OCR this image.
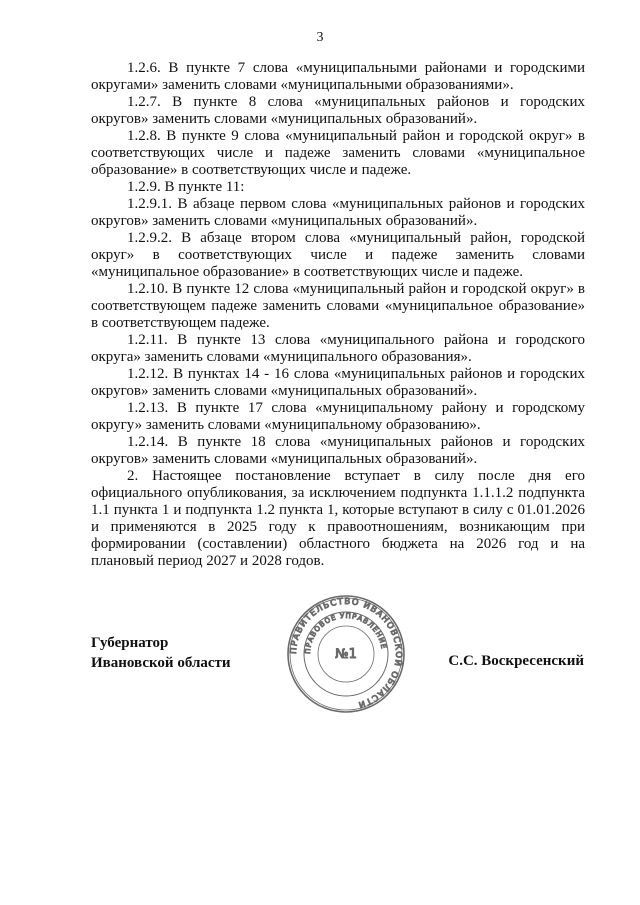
3

1.2.6. В пункте 7 слова «муниципальными районами и городскими округами» заменить словами «муниципальными образованиями».

1.2.7. В пункте 8 слова «муниципальных районов и городских округов» заменить словами «муниципальных образований».

1.2.8. В пункте 9 слова «муниципальный район и городской округ» в соответствующих числе и падеже заменить словами «муниципальное образование» в соответствующих числе и падеже.

1.2.9. В пункте 11:

1.2.9.1. В абзаце первом слова «муниципальных районов и городских округов» заменить словами «муниципальных образований».

1.2.9.2. В абзаце втором слова «муниципальный район, городской округ» в соответствующих числе и падеже заменить словами «муниципальное образование» в соответствующих числе и падеже.

1.2.10. В пункте 12 слова «муниципальный район и городской округ» в соответствующем падеже заменить словами «муниципальное образование» в соответствующем падеже.

1.2.11. В пункте 13 слова «муниципального района и городского округа» заменить словами «муниципального образования».

1.2.12. В пунктах 14 - 16 слова «муниципальных районов и городских округов» заменить словами «муниципальных образований».

1.2.13. В пункте 17 слова «муниципальному району и городскому округу» заменить словами «муниципальному образованию».

1.2.14. В пункте 18 слова «муниципальных районов и городских округов» заменить словами «муниципальных образований».

2. Настоящее постановление вступает в силу после дня его официального опубликования, за исключением подпункта 1.1.1.2 подпункта 1.1 пункта 1 и подпункта 1.2 пункта 1, которые вступают в силу с 01.01.2026 и применяются в 2025 году к правоотношениям, возникающим при формировании (составлении) областного бюджета на 2026 год и на плановый период 2027 и 2028 годов.

Губернатор
Ивановской области
ПРАВИТЕЛЬСТВО ИВАНОВСКОЙ ОБЛАСТИ
ПРАВОВОЕ УПРАВЛЕНИЕ
№1	С.С. Воскресенский
